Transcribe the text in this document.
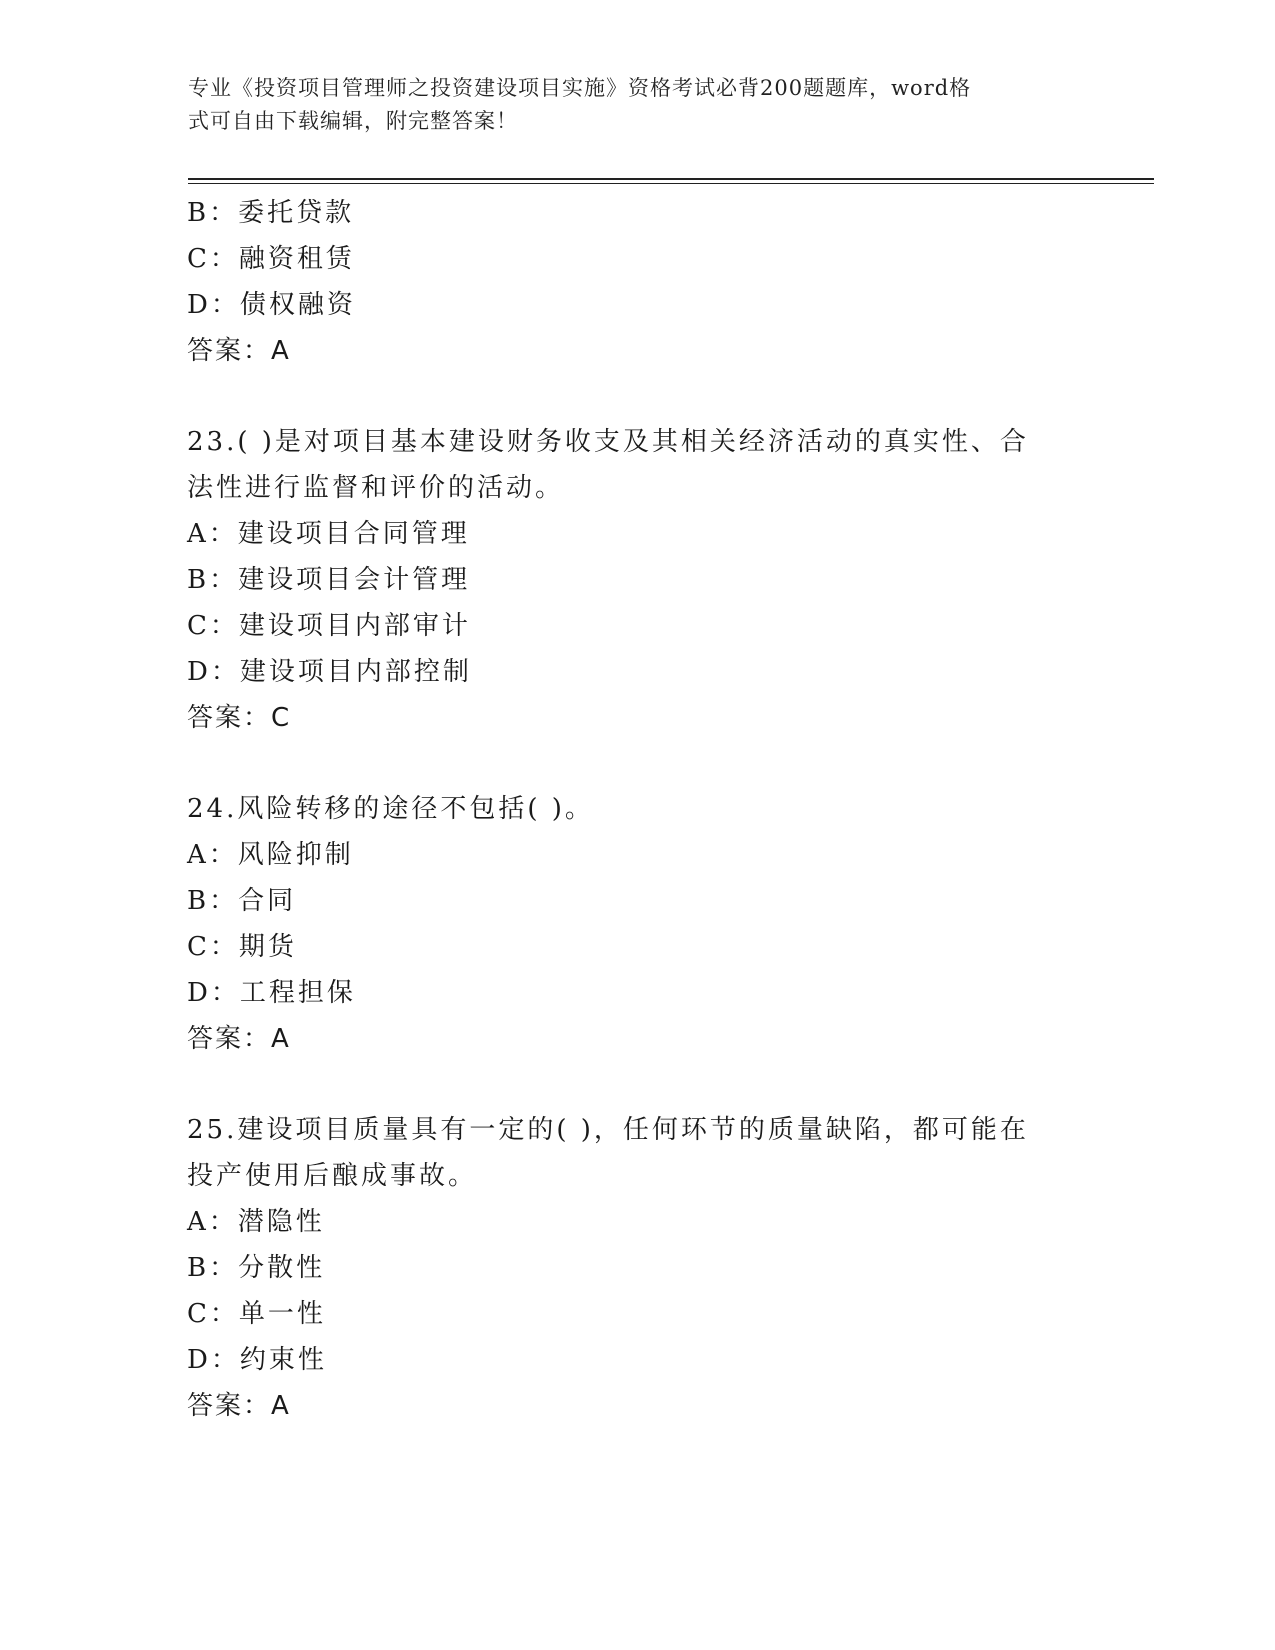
专业《投资项目管理师之投资建设项目实施》资格考试必背200题题库，word格
式可自由下载编辑，附完整答案！
B：委托贷款
C：融资租赁
D：债权融资
答案：A
23.( )是对项目基本建设财务收支及其相关经济活动的真实性、合
法性进行监督和评价的活动。
A：建设项目合同管理
B：建设项目会计管理
C：建设项目内部审计
D：建设项目内部控制
答案：C
24.风险转移的途径不包括( )。
A：风险抑制
B：合同
C：期货
D：工程担保
答案：A
25.建设项目质量具有一定的( )，任何环节的质量缺陷，都可能在
投产使用后酿成事故。
A：潜隐性
B：分散性
C：单一性
D：约束性
答案：A
